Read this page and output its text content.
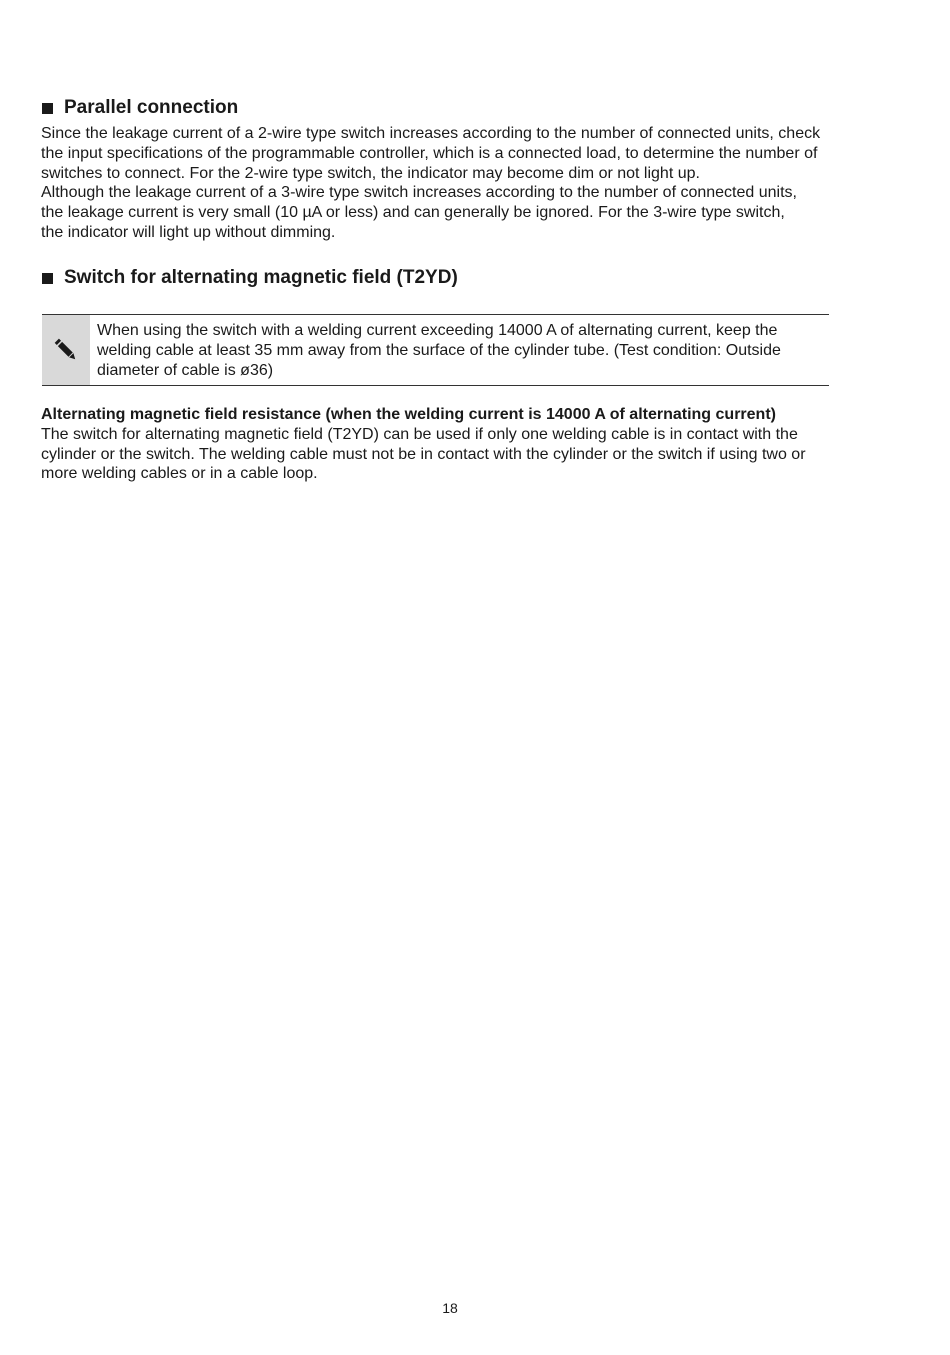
Parallel connection

Since the leakage current of a 2-wire type switch increases according to the number of connected units, check

the input specifications of the programmable controller, which is a connected load, to determine the number of

switches to connect. For the 2-wire type switch, the indicator may become dim or not light up.

Although the leakage current of a 3-wire type switch increases according to the number of connected units,

the leakage current is very small (10 µA or less) and can generally be ignored. For the 3-wire type switch,

the indicator will light up without dimming.

Switch for alternating magnetic field (T2YD)

When using the switch with a welding current exceeding 14000 A of alternating current, keep the

welding cable at least 35 mm away from the surface of the cylinder tube. (Test condition: Outside

diameter of cable is ø36)

Alternating magnetic field resistance (when the welding current is 14000 A of alternating current)

The switch for alternating magnetic field (T2YD) can be used if only one welding cable is in contact with the

cylinder or the switch. The welding cable must not be in contact with the cylinder or the switch if using two or

more welding cables or in a cable loop.

18
